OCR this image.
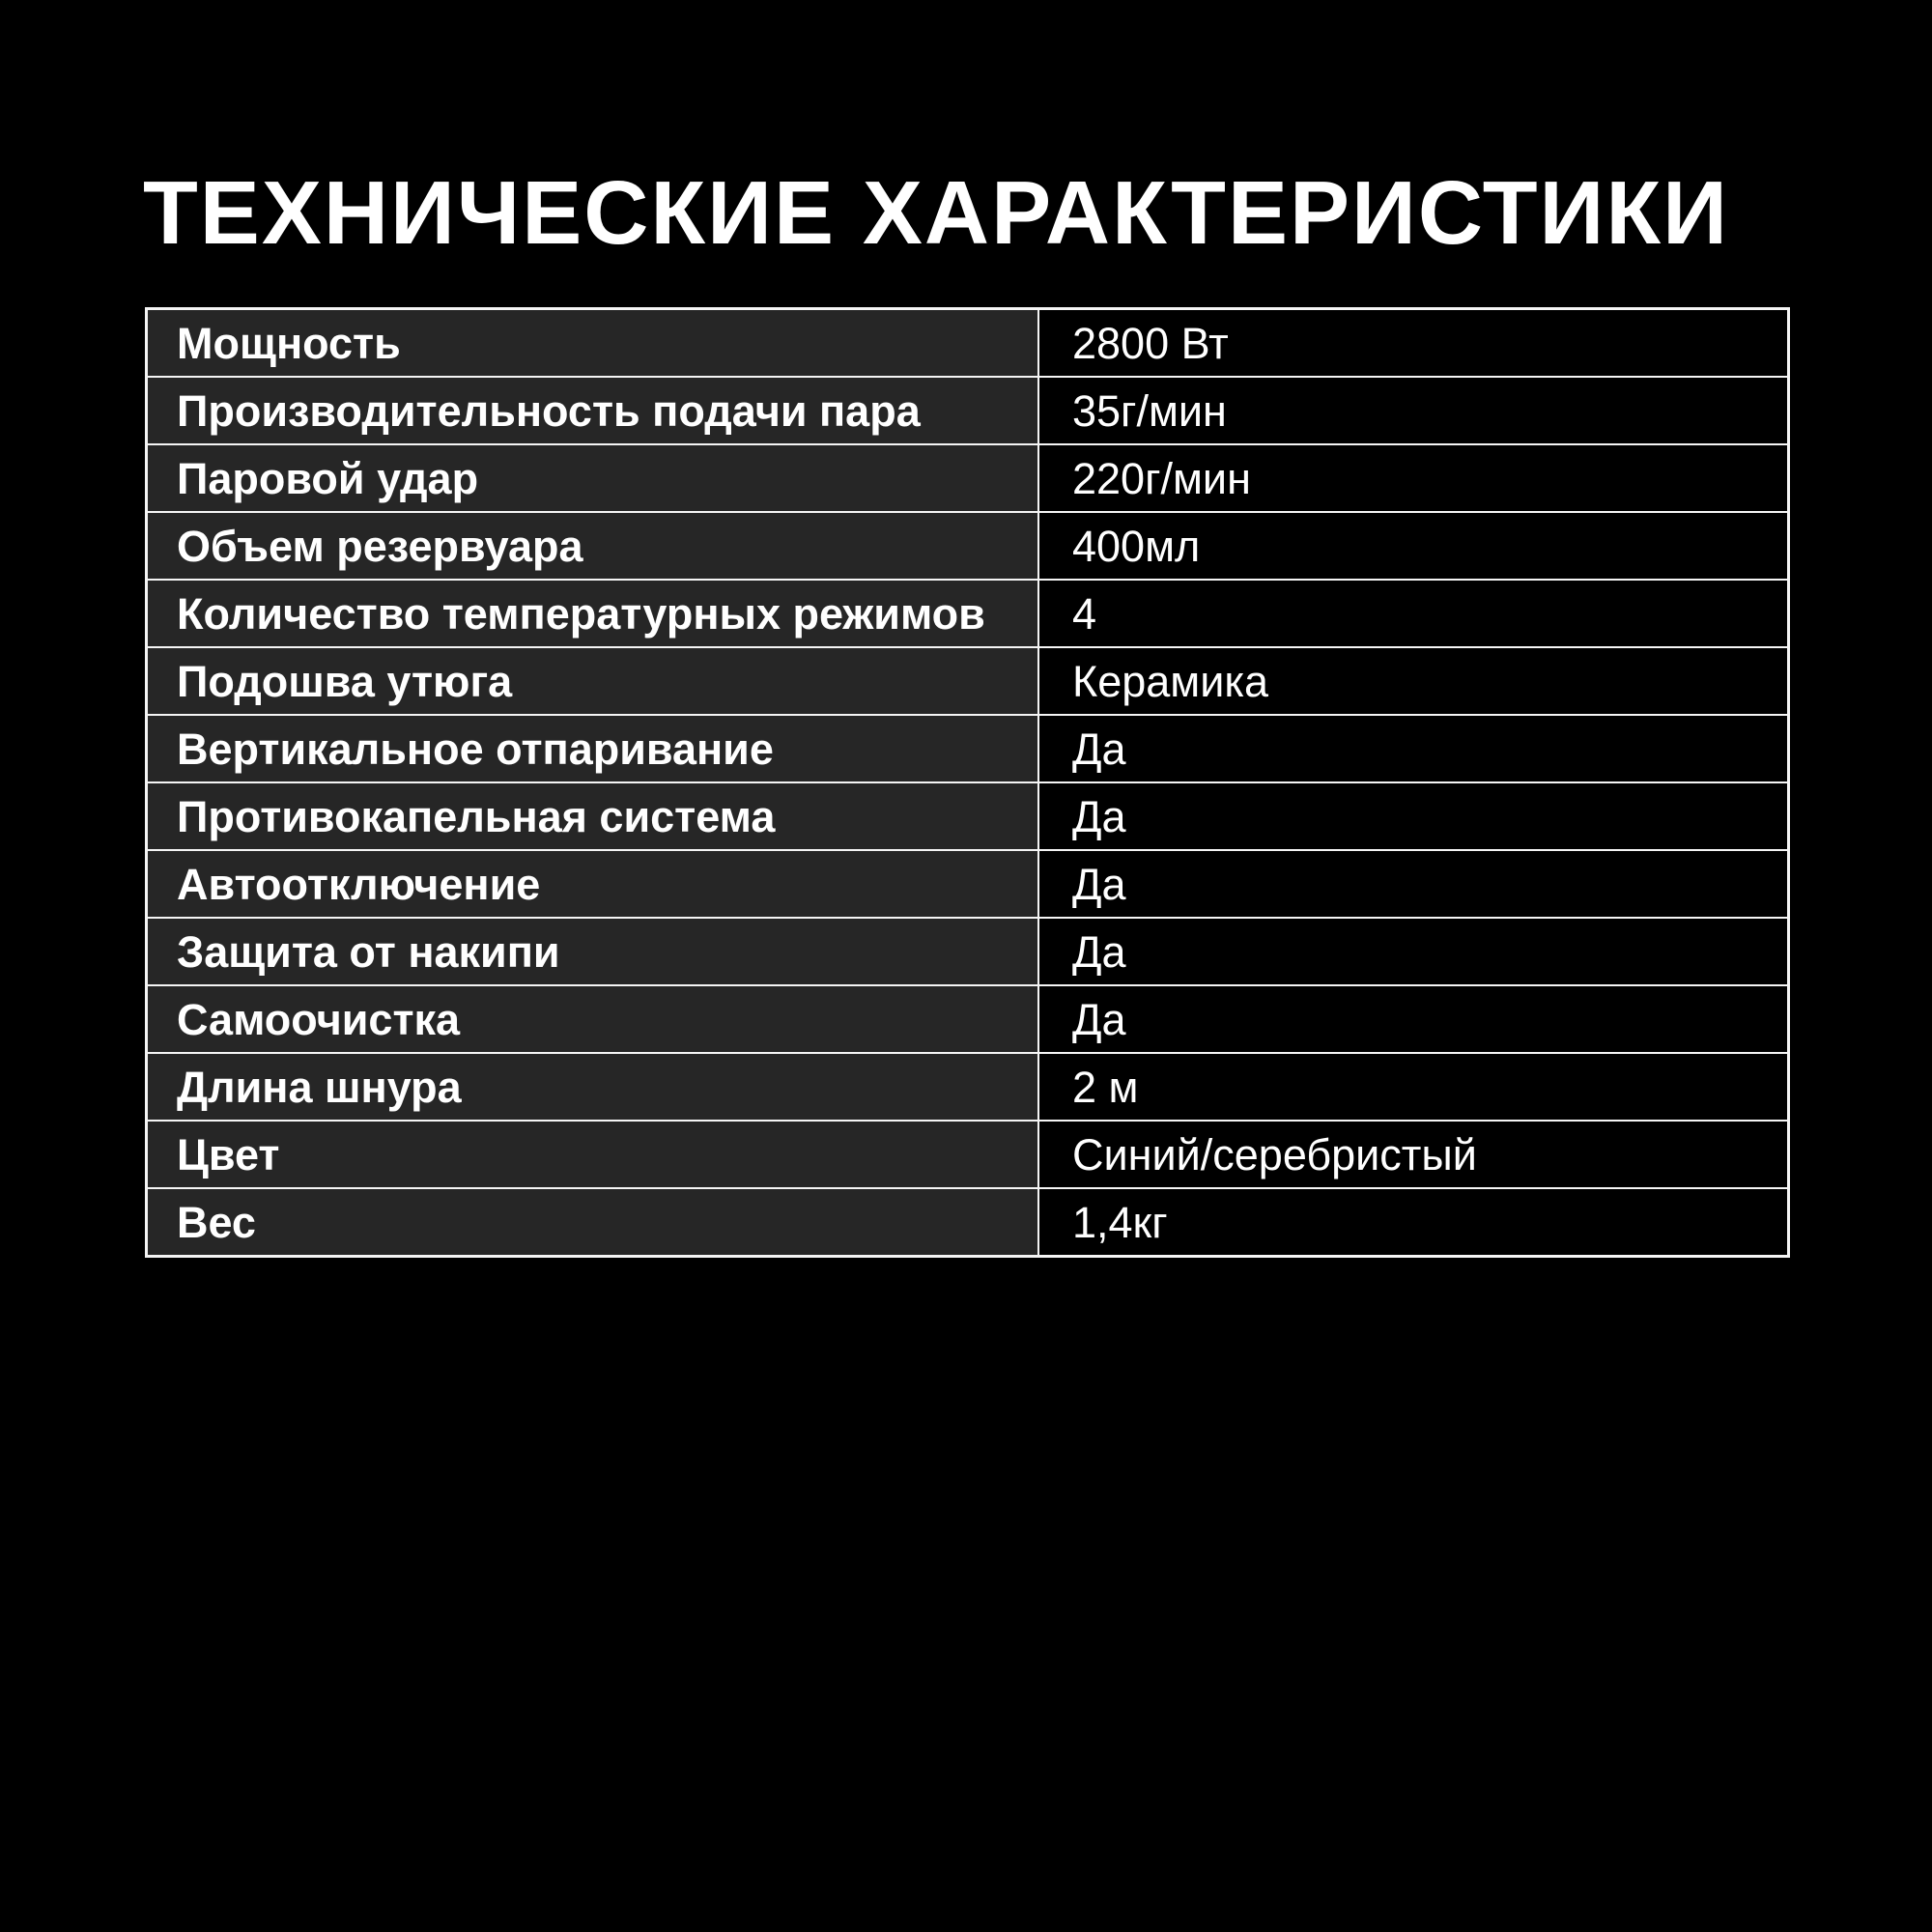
ТЕХНИЧЕСКИЕ ХАРАКТЕРИСТИКИ
Мощность	2800 Вт
Производительность подачи пара	35г/мин
Паровой удар	220г/мин
Объем резервуара	400мл
Количество температурных режимов	4
Подошва утюга	Керамика
Вертикальное отпаривание	Да
Противокапельная система	Да
Автоотключение	Да
Защита от накипи	Да
Самоочистка	Да
Длина шнура	2 м
Цвет	Синий/серебристый
Вес	1,4кг
